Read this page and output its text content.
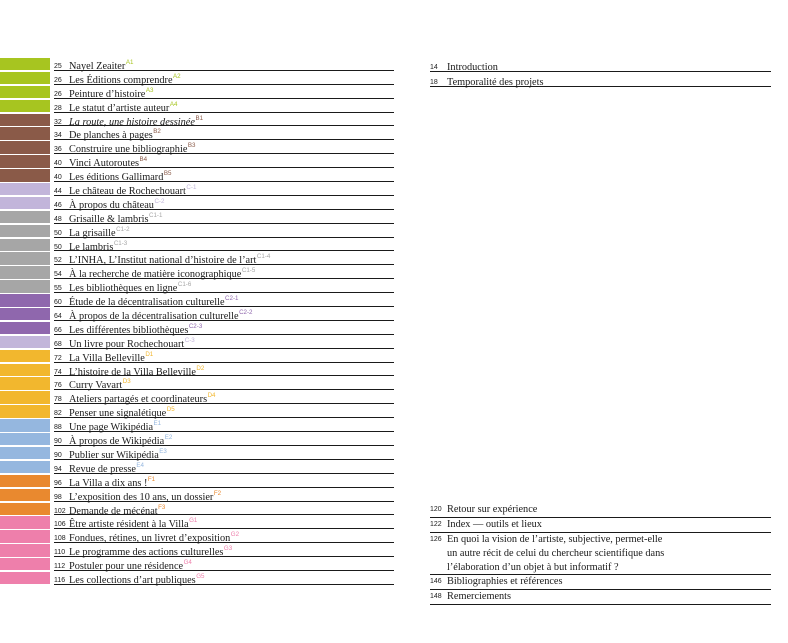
25 Nayel Zeaiter$^{A1}$
26 Les Éditions comprendre$^{A2}$
26 Peinture d’histoire$^{A3}$
28 Le statut d’artiste auteur$^{A4}$
32 La route, une histoire dessinée$^{B1}$
34 De planches à pages$^{B2}$
36 Construire une bibliographie$^{B3}$
40 Vinci Autoroutes$^{B4}$
40 Les éditions Gallimard$^{B5}$
44 Le château de Rochechouart$^{C-1}$
46 À propos du château$^{C-2}$
48 Grisaille & lambris$^{C1-1}$
50 La grisaille$^{C1-2}$
50 Le lambris$^{C1-3}$
52 L’INHA, L’Institut national d’histoire de l’art$^{C1-4}$
54 À la recherche de matière iconographique$^{C1-5}$
55 Les bibliothèques en ligne$^{C1-6}$
60 Étude de la décentralisation culturelle$^{C2-1}$
64 À propos de la décentralisation culturelle$^{C2-2}$
66 Les différentes bibliothèques$^{C2-3}$
68 Un livre pour Rochechouart$^{C-3}$
72 La Villa Belleville$^{D1}$
74 L’histoire de la Villa Belleville$^{D2}$
76 Curry Vavart$^{D3}$
78 Ateliers partagés et coordinateurs$^{D4}$
82 Penser une signalétique$^{D5}$
88 Une page Wikipédia$^{E1}$
90 À propos de Wikipédia$^{E2}$
90 Publier sur Wikipédia$^{E3}$
94 Revue de presse$^{E4}$
96 La Villa a dix ans !$^{F1}$
98 L’exposition des 10 ans, un dossier$^{F2}$
102 Demande de mécénat$^{F3}$
106 Être artiste résident à la Villa$^{G1}$
108 Fondues, rétines, un livret d’exposition$^{G2}$
110 Le programme des actions culturelles$^{G3}$
112 Postuler pour une résidence$^{G4}$
116 Les collections d’art publiques$^{G5}$
14 Introduction
18 Temporalité des projets
120 Retour sur expérience
122 Index — outils et lieux
126 En quoi la vision de l’artiste, subjective, permet-elle
un autre récit de celui du chercheur scientifique dans
l’élaboration d’un objet à but informatif ?
146 Bibliographies et références
148 Remerciements
